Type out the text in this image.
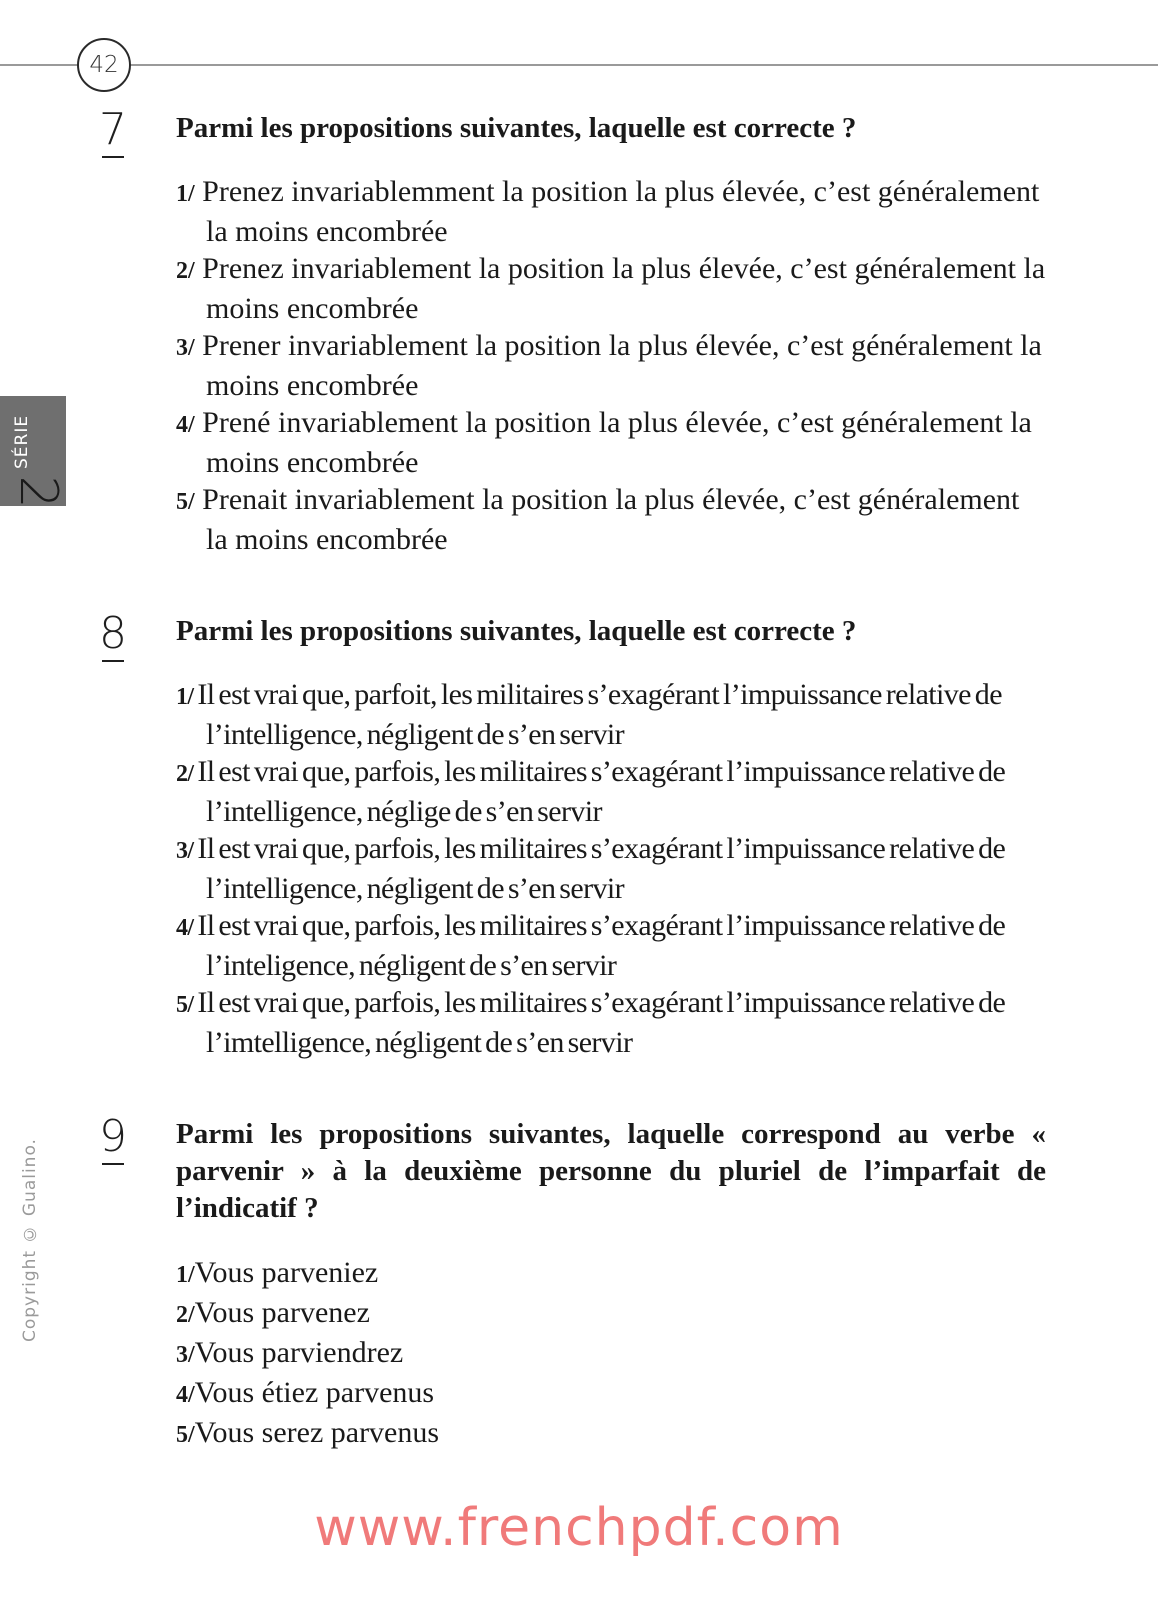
42
SÉRIE
2
Copyright © Gualino.
7 Parmi les propositions suivantes, laquelle est correcte ?

1/ Prenez invariablemment la position la plus élevée, c’est généralement la moins encombrée
2/ Prenez invariablement la position la plus élevée, c’est généralement la moins encombrée
3/ Prener invariablement la position la plus élevée, c’est généralement la moins encombrée
4/ Prené invariablement la position la plus élevée, c’est généralement la moins encombrée
5/ Prenait invariablement la position la plus élevée, c’est généralement la moins encombrée
8 Parmi les propositions suivantes, laquelle est correcte ?

1/ Il est vrai que, parfoit, les militaires s’exagérant l’impuissance relative de l’intelligence, négligent de s’en servir
2/ Il est vrai que, parfois, les militaires s’exagérant l’impuissance relative de l’intelligence, néglige de s’en servir
3/ Il est vrai que, parfois, les militaires s’exagérant l’impuissance relative de l’intelligence, négligent de s’en servir
4/ Il est vrai que, parfois, les militaires s’exagérant l’impuissance relative de l’inteligence, négligent de s’en servir
5/ Il est vrai que, parfois, les militaires s’exagérant l’impuissance relative de l’imtelligence, négligent de s’en servir
9 Parmi les propositions suivantes, laquelle correspond au verbe « parvenir » à la deuxième personne du pluriel de l’imparfait de l’indicatif ?

1/Vous parveniez
2/Vous parvenez
3/Vous parviendrez
4/Vous étiez parvenus
5/Vous serez parvenus
www.frenchpdf.com
